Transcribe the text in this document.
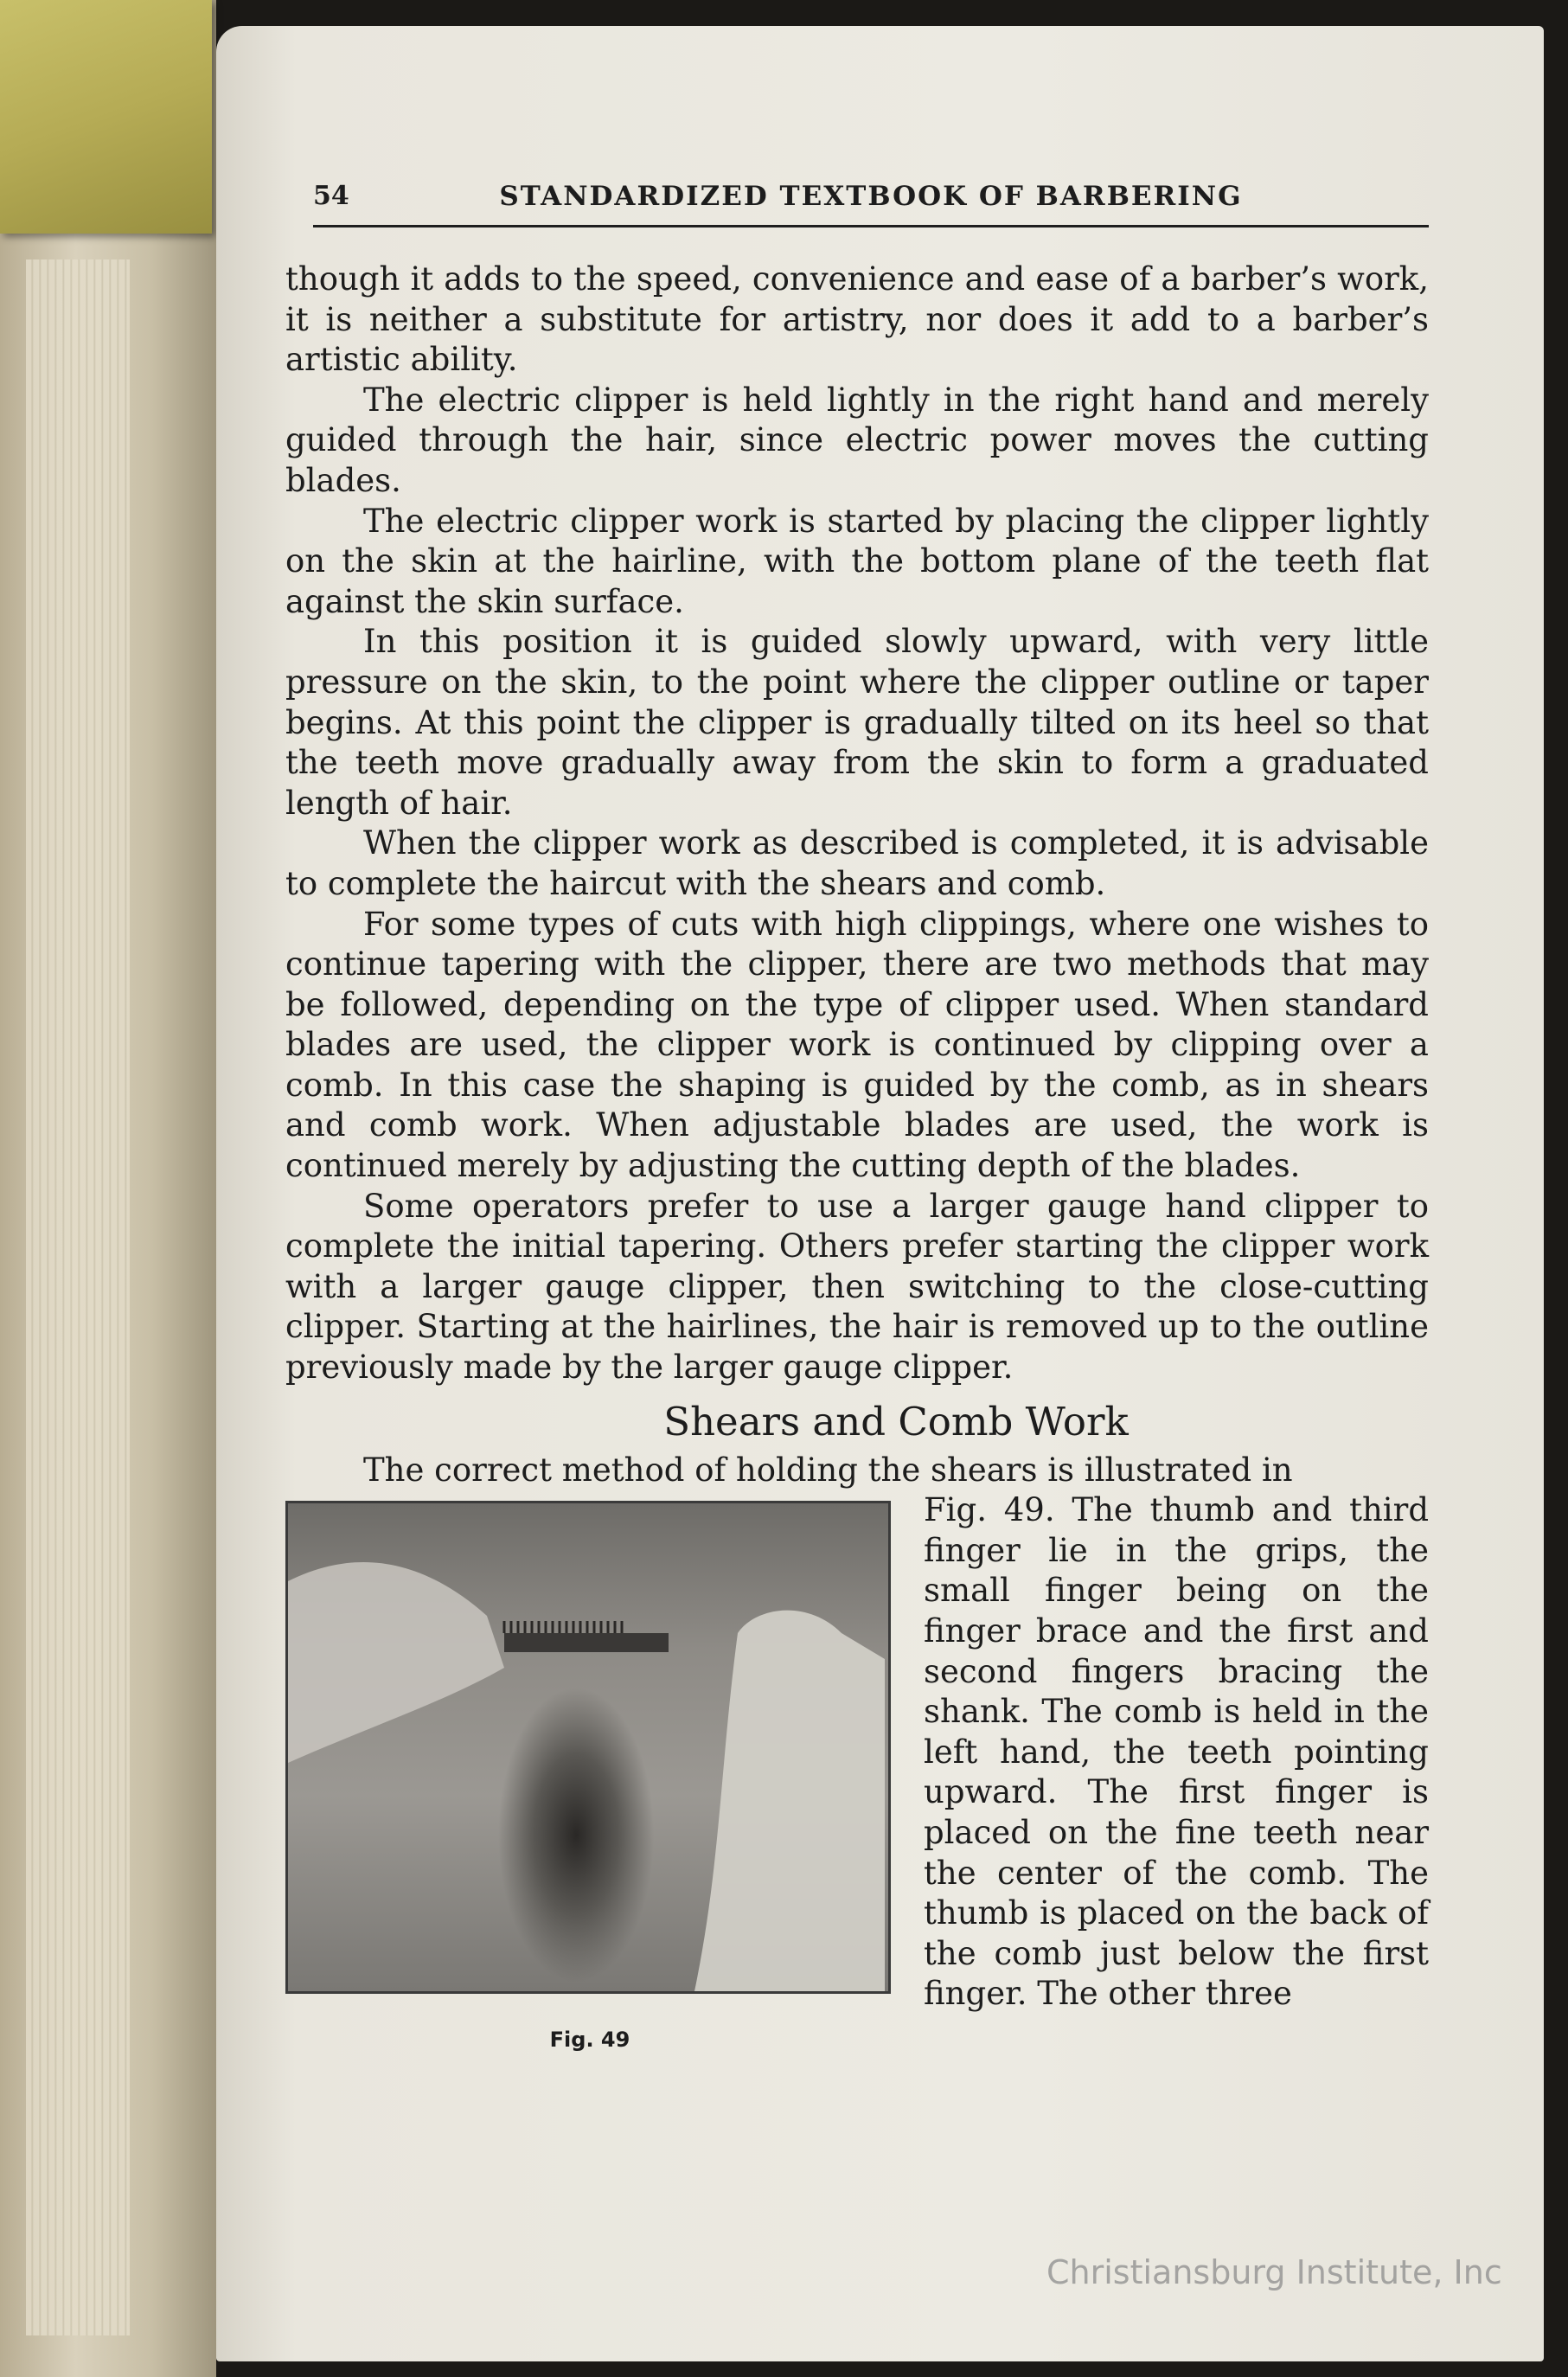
54	STANDARDIZED TEXTBOOK OF BARBERING

though it adds to the speed, convenience and ease of a barber’s work, it is neither a substitute for artistry, nor does it add to a barber’s artistic ability.

The electric clipper is held lightly in the right hand and merely guided through the hair, since electric power moves the cutting blades.

The electric clipper work is started by placing the clipper lightly on the skin at the hairline, with the bottom plane of the teeth flat against the skin surface.

In this position it is guided slowly upward, with very little pressure on the skin, to the point where the clipper outline or taper begins. At this point the clipper is gradually tilted on its heel so that the teeth move gradually away from the skin to form a graduated length of hair.

When the clipper work as described is completed, it is advisable to complete the haircut with the shears and comb.

For some types of cuts with high clippings, where one wishes to continue tapering with the clipper, there are two methods that may be followed, depending on the type of clipper used. When standard blades are used, the clipper work is continued by clipping over a comb. In this case the shaping is guided by the comb, as in shears and comb work. When adjustable blades are used, the work is continued merely by adjusting the cutting depth of the blades.

Some operators prefer to use a larger gauge hand clipper to complete the initial tapering. Others prefer starting the clipper work with a larger gauge clipper, then switching to the close-cutting clipper. Starting at the hairlines, the hair is removed up to the outline previously made by the larger gauge clipper.

Shears and Comb Work

The correct method of holding the shears is illustrated in

Fig. 49

Fig. 49. The thumb and third finger lie in the grips, the small finger being on the finger brace and the first and second fingers bracing the shank. The comb is held in the left hand, the teeth pointing upward. The first finger is placed on the fine teeth near the center of the comb. The thumb is placed on the back of the comb just below the first finger. The other three

Christiansburg Institute, Inc
